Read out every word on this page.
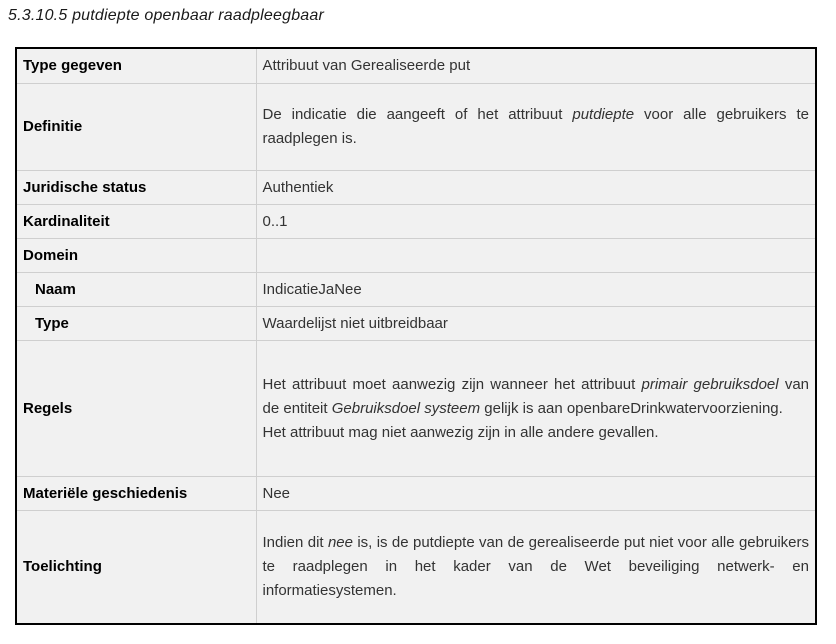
5.3.10.5 putdiepte openbaar raadpleegbaar
Type gegeven	Attribuut van Gerealiseerde put
Definitie	De indicatie die aangeeft of het attribuut putdiepte voor alle gebruikers te raadplegen is.
Juridische status	Authentiek
Kardinaliteit	0..1
Domein	
Naam	IndicatieJaNee
Type	Waardelijst niet uitbreidbaar
Regels	Het attribuut moet aanwezig zijn wanneer het attribuut primair gebruiksdoel van de entiteit Gebruiksdoel systeem gelijk is aan openbareDrinkwatervoorziening.
Het attribuut mag niet aanwezig zijn in alle andere gevallen.

Materiële geschiedenis	Nee
Toelichting	Indien dit nee is, is de putdiepte van de gerealiseerde put niet voor alle gebruikers te raadplegen in het kader van de Wet beveiliging netwerk- en informatiesystemen.
